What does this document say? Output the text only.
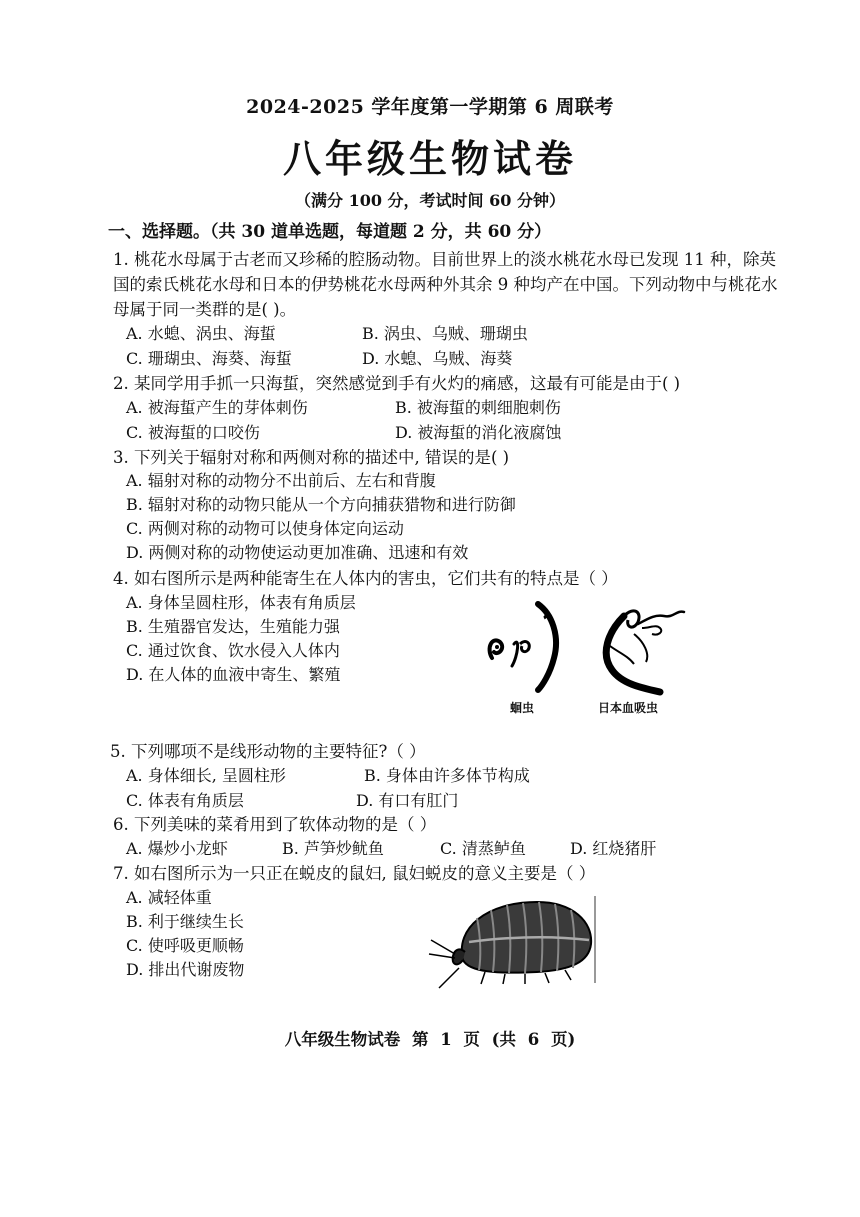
2024-2025 学年度第一学期第 6 周联考
八年级生物试卷
（满分 100 分，考试时间 60 分钟）
一、选择题。（共 30 道单选题，每道题 2 分，共 60 分）
1. 桃花水母属于古老而又珍稀的腔肠动物。目前世界上的淡水桃花水母已发现 11 种，除英
国的索氏桃花水母和日本的伊势桃花水母两种外其余 9 种均产在中国。下列动物中与桃花水
母属于同一类群的是( )。
A. 水螅、涡虫、海蜇	B. 涡虫、乌贼、珊瑚虫
C. 珊瑚虫、海葵、海蜇	D. 水螅、乌贼、海葵
2. 某同学用手抓一只海蜇，突然感觉到手有火灼的痛感，这最有可能是由于( )
A. 被海蜇产生的芽体刺伤	B. 被海蜇的刺细胞刺伤
C. 被海蜇的口咬伤	D. 被海蜇的消化液腐蚀
3. 下列关于辐射对称和两侧对称的描述中, 错误的是( )
A. 辐射对称的动物分不出前后、左右和背腹
B. 辐射对称的动物只能从一个方向捕获猎物和进行防御
C. 两侧对称的动物可以使身体定向运动
D. 两侧对称的动物使运动更加准确、迅速和有效
4. 如右图所示是两种能寄生在人体内的害虫，它们共有的特点是（ ）
A. 身体呈圆柱形，体表有角质层
B. 生殖器官发达，生殖能力强
C. 通过饮食、饮水侵入人体内
D. 在人体的血液中寄生、繁殖
蛔虫	日本血吸虫
5. 下列哪项不是线形动物的主要特征?（ ）
A. 身体细长, 呈圆柱形	B. 身体由许多体节构成
C. 体表有角质层	D. 有口有肛门
6. 下列美味的菜肴用到了软体动物的是（ ）
A. 爆炒小龙虾	B. 芦笋炒鱿鱼	C. 清蒸鲈鱼	D. 红烧猪肝
7. 如右图所示为一只正在蜕皮的鼠妇, 鼠妇蜕皮的意义主要是（ ）
A. 减轻体重
B. 利于继续生长
C. 使呼吸更顺畅
D. 排出代谢废物
八年级生物试卷 第 1 页 (共 6 页)
